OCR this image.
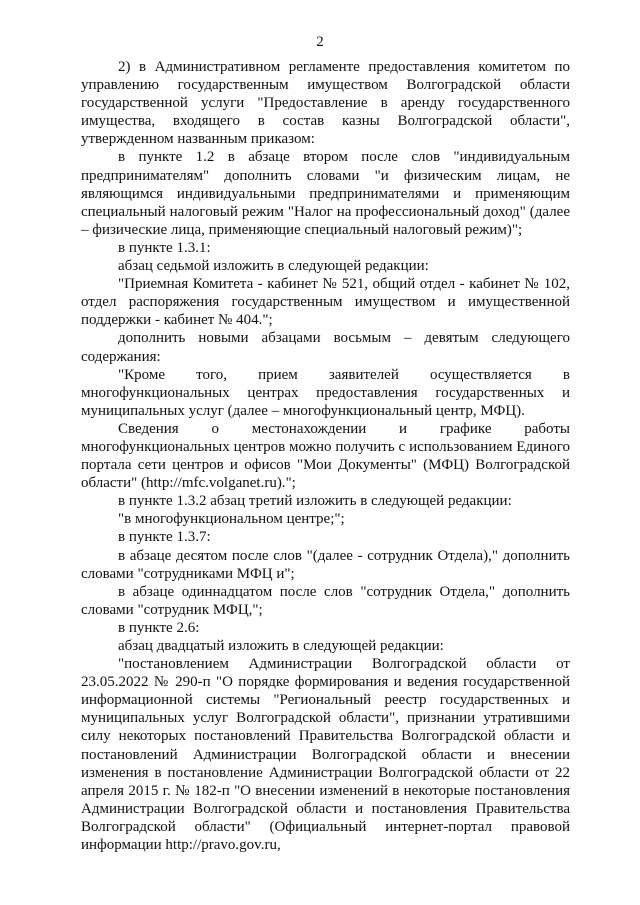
2

2) в Административном регламенте предоставления комитетом по управлению государственным имуществом Волгоградской области государственной услуги "Предоставление в аренду государственного имущества, входящего в состав казны Волгоградской области", утвержденном названным приказом:

в пункте 1.2 в абзаце втором после слов "индивидуальным предпринимателям" дополнить словами "и физическим лицам, не являющимся индивидуальными предпринимателями и применяющим специальный налоговый режим "Налог на профессиональный доход" (далее – физические лица, применяющие специальный налоговый режим)";

в пункте 1.3.1:

абзац седьмой изложить в следующей редакции:

"Приемная Комитета - кабинет № 521, общий отдел - кабинет № 102, отдел распоряжения государственным имуществом и имущественной поддержки - кабинет № 404.";

дополнить новыми абзацами восьмым – девятым следующего содержания:

"Кроме того, прием заявителей осуществляется в многофункциональных центрах предоставления государственных и муниципальных услуг (далее – многофункциональный центр, МФЦ).

Сведения о местонахождении и графике работы многофункциональных центров можно получить с использованием Единого портала сети центров и офисов "Мои Документы" (МФЦ) Волгоградской области" (http://mfc.volganet.ru).";

в пункте 1.3.2 абзац третий изложить в следующей редакции:

"в многофункциональном центре;";

в пункте 1.3.7:

в абзаце десятом после слов "(далее - сотрудник Отдела)," дополнить словами "сотрудниками МФЦ и";

в абзаце одиннадцатом после слов "сотрудник Отдела," дополнить словами "сотрудник МФЦ,";

в пункте 2.6:

абзац двадцатый изложить в следующей редакции:

"постановлением Администрации Волгоградской области от 23.05.2022 № 290-п "О порядке формирования и ведения государственной информационной системы "Региональный реестр государственных и муниципальных услуг Волгоградской области", признании утратившими силу некоторых постановлений Правительства Волгоградской области и постановлений Администрации Волгоградской области и внесении изменения в постановление Администрации Волгоградской области от 22 апреля 2015 г. № 182-п "О внесении изменений в некоторые постановления Администрации Волгоградской области и постановления Правительства Волгоградской области" (Официальный интернет-портал правовой информации http://pravo.gov.ru,
